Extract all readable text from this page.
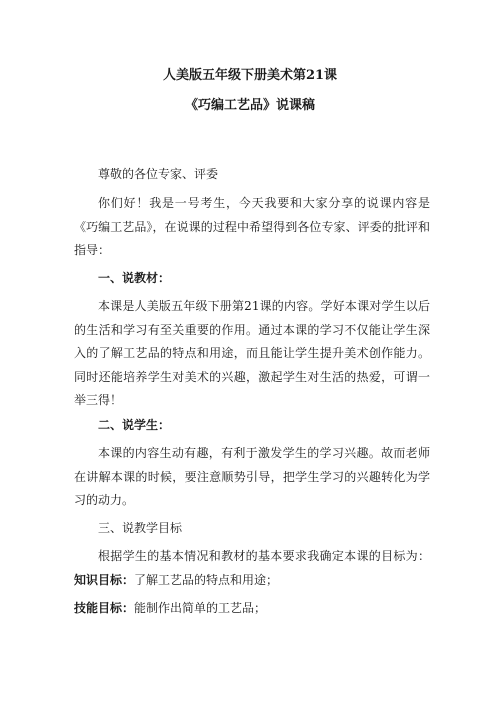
人美版五年级下册美术第21课
《巧编工艺品》说课稿

尊敬的各位专家、评委

你们好！我是一号考生，今天我要和大家分享的说课内容是《巧编工艺品》，在说课的过程中希望得到各位专家、评委的批评和指导：

一、说教材：

本课是人美版五年级下册第21课的内容。学好本课对学生以后的生活和学习有至关重要的作用。通过本课的学习不仅能让学生深入的了解工艺品的特点和用途，而且能让学生提升美术创作能力。同时还能培养学生对美术的兴趣，激起学生对生活的热爱，可谓一举三得！

二、说学生：

本课的内容生动有趣，有利于激发学生的学习兴趣。故而老师在讲解本课的时候，要注意顺势引导，把学生学习的兴趣转化为学习的动力。

三、说教学目标

根据学生的基本情况和教材的基本要求我确定本课的目标为：知识目标：了解工艺品的特点和用途；

技能目标：能制作出简单的工艺品；
